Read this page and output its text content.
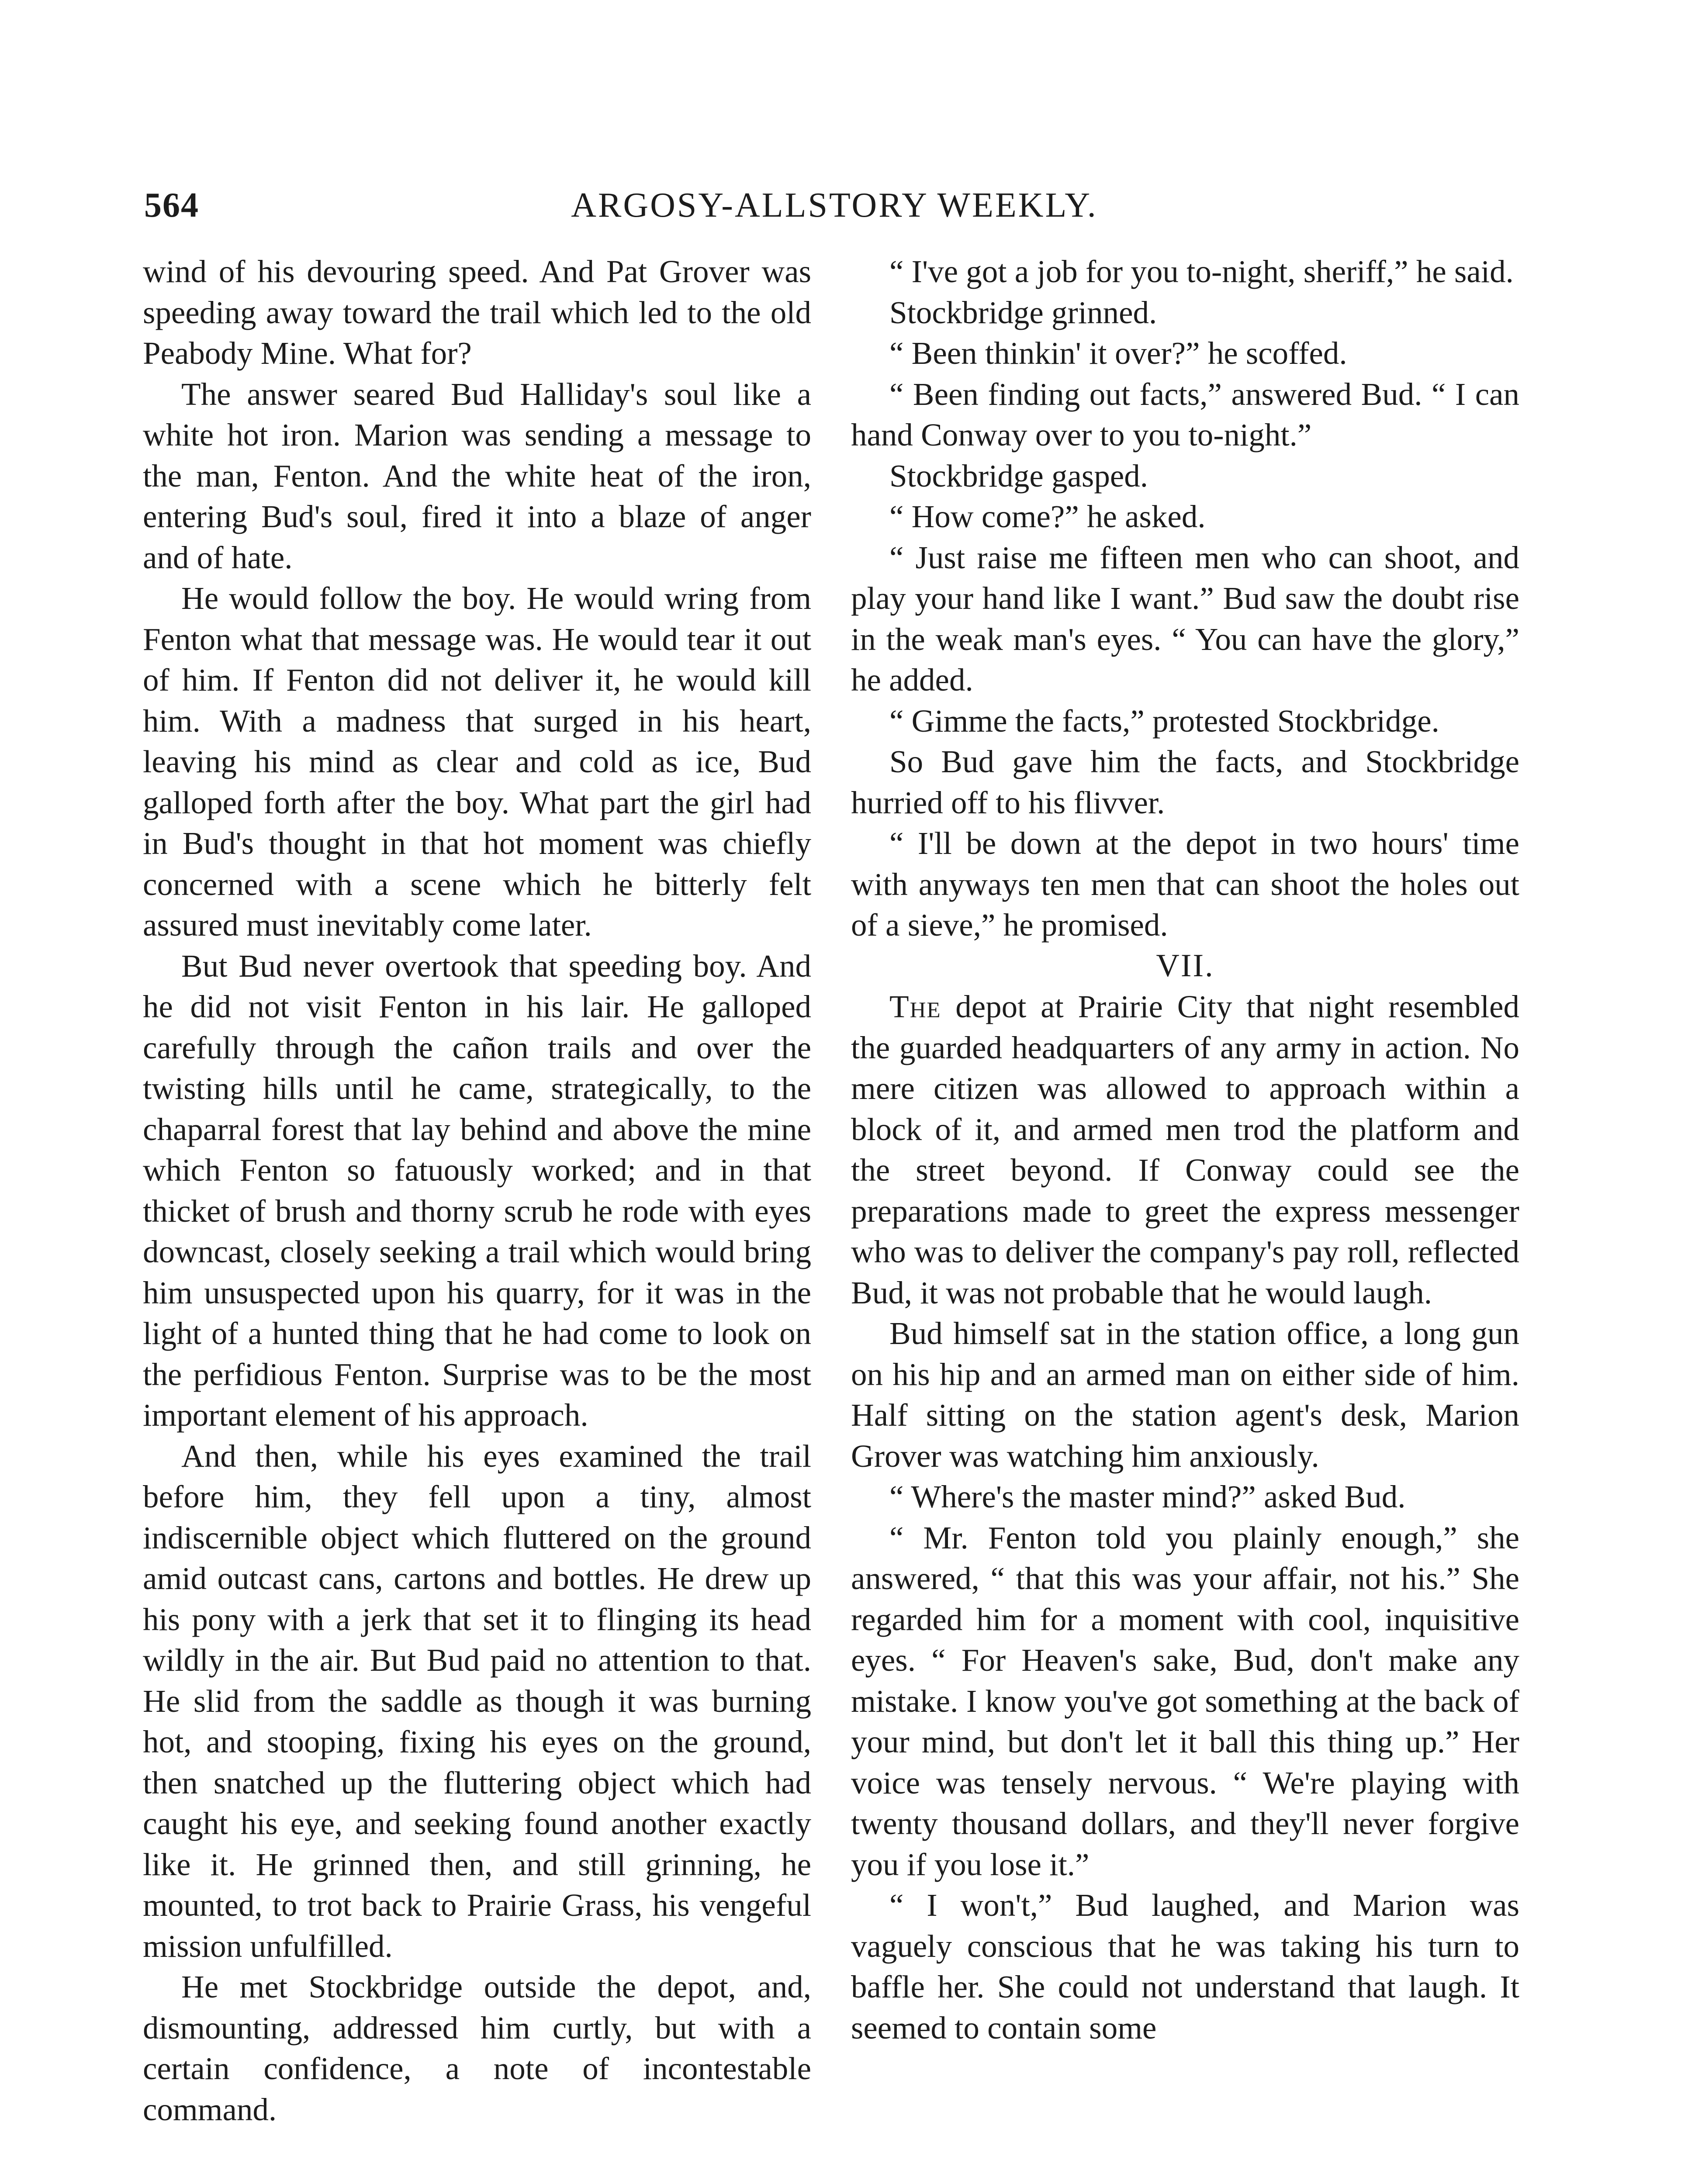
564	ARGOSY-ALLSTORY WEEKLY.

wind of his devouring speed. And Pat Grover was speeding away toward the trail which led to the old Peabody Mine. What for?

The answer seared Bud Halliday's soul like a white hot iron. Marion was sending a message to the man, Fenton. And the white heat of the iron, entering Bud's soul, fired it into a blaze of anger and of hate.

He would follow the boy. He would wring from Fenton what that message was. He would tear it out of him. If Fenton did not deliver it, he would kill him. With a madness that surged in his heart, leaving his mind as clear and cold as ice, Bud galloped forth after the boy. What part the girl had in Bud's thought in that hot moment was chiefly concerned with a scene which he bitterly felt assured must inevitably come later.

But Bud never overtook that speeding boy. And he did not visit Fenton in his lair. He galloped carefully through the cañon trails and over the twisting hills until he came, strategically, to the chaparral forest that lay behind and above the mine which Fenton so fatuously worked; and in that thicket of brush and thorny scrub he rode with eyes downcast, closely seeking a trail which would bring him unsuspected upon his quarry, for it was in the light of a hunted thing that he had come to look on the perfidious Fenton. Surprise was to be the most important element of his approach.

And then, while his eyes examined the trail before him, they fell upon a tiny, almost indiscernible object which fluttered on the ground amid outcast cans, cartons and bottles. He drew up his pony with a jerk that set it to flinging its head wildly in the air. But Bud paid no attention to that. He slid from the saddle as though it was burning hot, and stooping, fixing his eyes on the ground, then snatched up the fluttering object which had caught his eye, and seeking found another exactly like it. He grinned then, and still grinning, he mounted, to trot back to Prairie Grass, his vengeful mission unfulfilled.

He met Stockbridge outside the depot, and, dismounting, addressed him curtly, but with a certain confidence, a note of incontestable command.

“ I've got a job for you to-night, sheriff,” he said.

Stockbridge grinned.

“ Been thinkin' it over?” he scoffed.

“ Been finding out facts,” answered Bud. “ I can hand Conway over to you to-night.”

Stockbridge gasped.

“ How come?” he asked.

“ Just raise me fifteen men who can shoot, and play your hand like I want.” Bud saw the doubt rise in the weak man's eyes. “ You can have the glory,” he added.

“ Gimme the facts,” protested Stockbridge.

So Bud gave him the facts, and Stockbridge hurried off to his flivver.

“ I'll be down at the depot in two hours' time with anyways ten men that can shoot the holes out of a sieve,” he promised.

VII.

The depot at Prairie City that night resembled the guarded headquarters of any army in action. No mere citizen was allowed to approach within a block of it, and armed men trod the platform and the street beyond. If Conway could see the preparations made to greet the express messenger who was to deliver the company's pay roll, reflected Bud, it was not probable that he would laugh.

Bud himself sat in the station office, a long gun on his hip and an armed man on either side of him. Half sitting on the station agent's desk, Marion Grover was watching him anxiously.

“ Where's the master mind?” asked Bud.

“ Mr. Fenton told you plainly enough,” she answered, “ that this was your affair, not his.” She regarded him for a moment with cool, inquisitive eyes. “ For Heaven's sake, Bud, don't make any mistake. I know you've got something at the back of your mind, but don't let it ball this thing up.” Her voice was tensely nervous. “ We're playing with twenty thousand dollars, and they'll never forgive you if you lose it.”

“ I won't,” Bud laughed, and Marion was vaguely conscious that he was taking his turn to baffle her. She could not understand that laugh. It seemed to contain some
